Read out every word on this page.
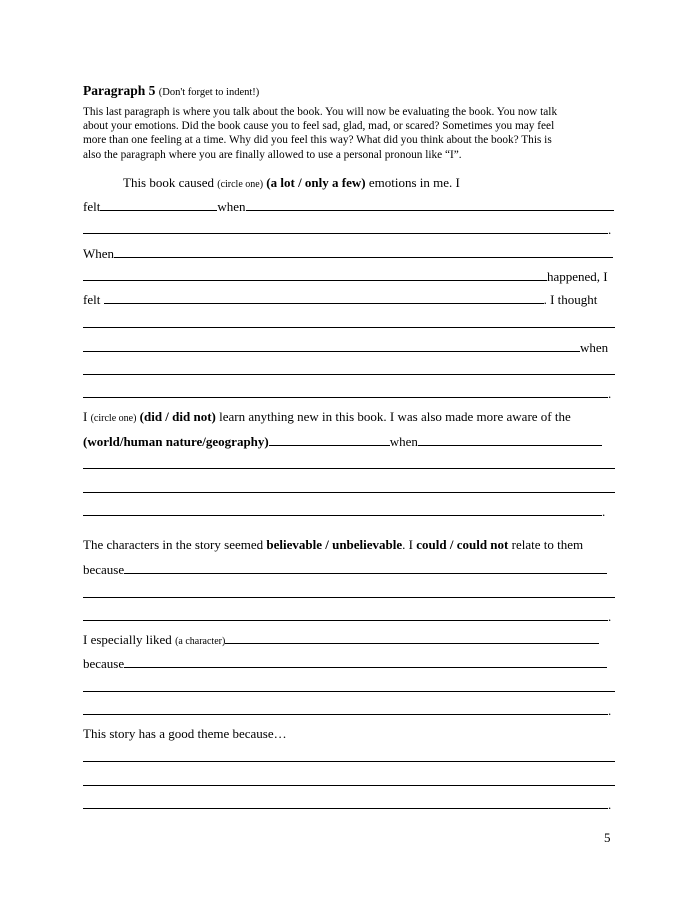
Paragraph 5 (Don't forget to indent!)
This last paragraph is where you talk about the book. You will now be evaluating the book. You now talk
about your emotions. Did the book cause you to feel sad, glad, mad, or scared? Sometimes you may feel
more than one feeling at a time. Why did you feel this way? What did you think about the book? This is
also the paragraph where you are finally allowed to use a personal pronoun like “I”.
This book caused (circle one) (a lot / only a few) emotions in me. I
felt	when
.
When
happened, I
felt	. I thought
when
.
I (circle one) (did / did not) learn anything new in this book. I was also made more aware of the
(world/human nature/geography)	when
.
The characters in the story seemed believable / unbelievable. I could / could not relate to them
because
.
I especially liked (a character)
because
.
This story has a good theme because…
.
5
